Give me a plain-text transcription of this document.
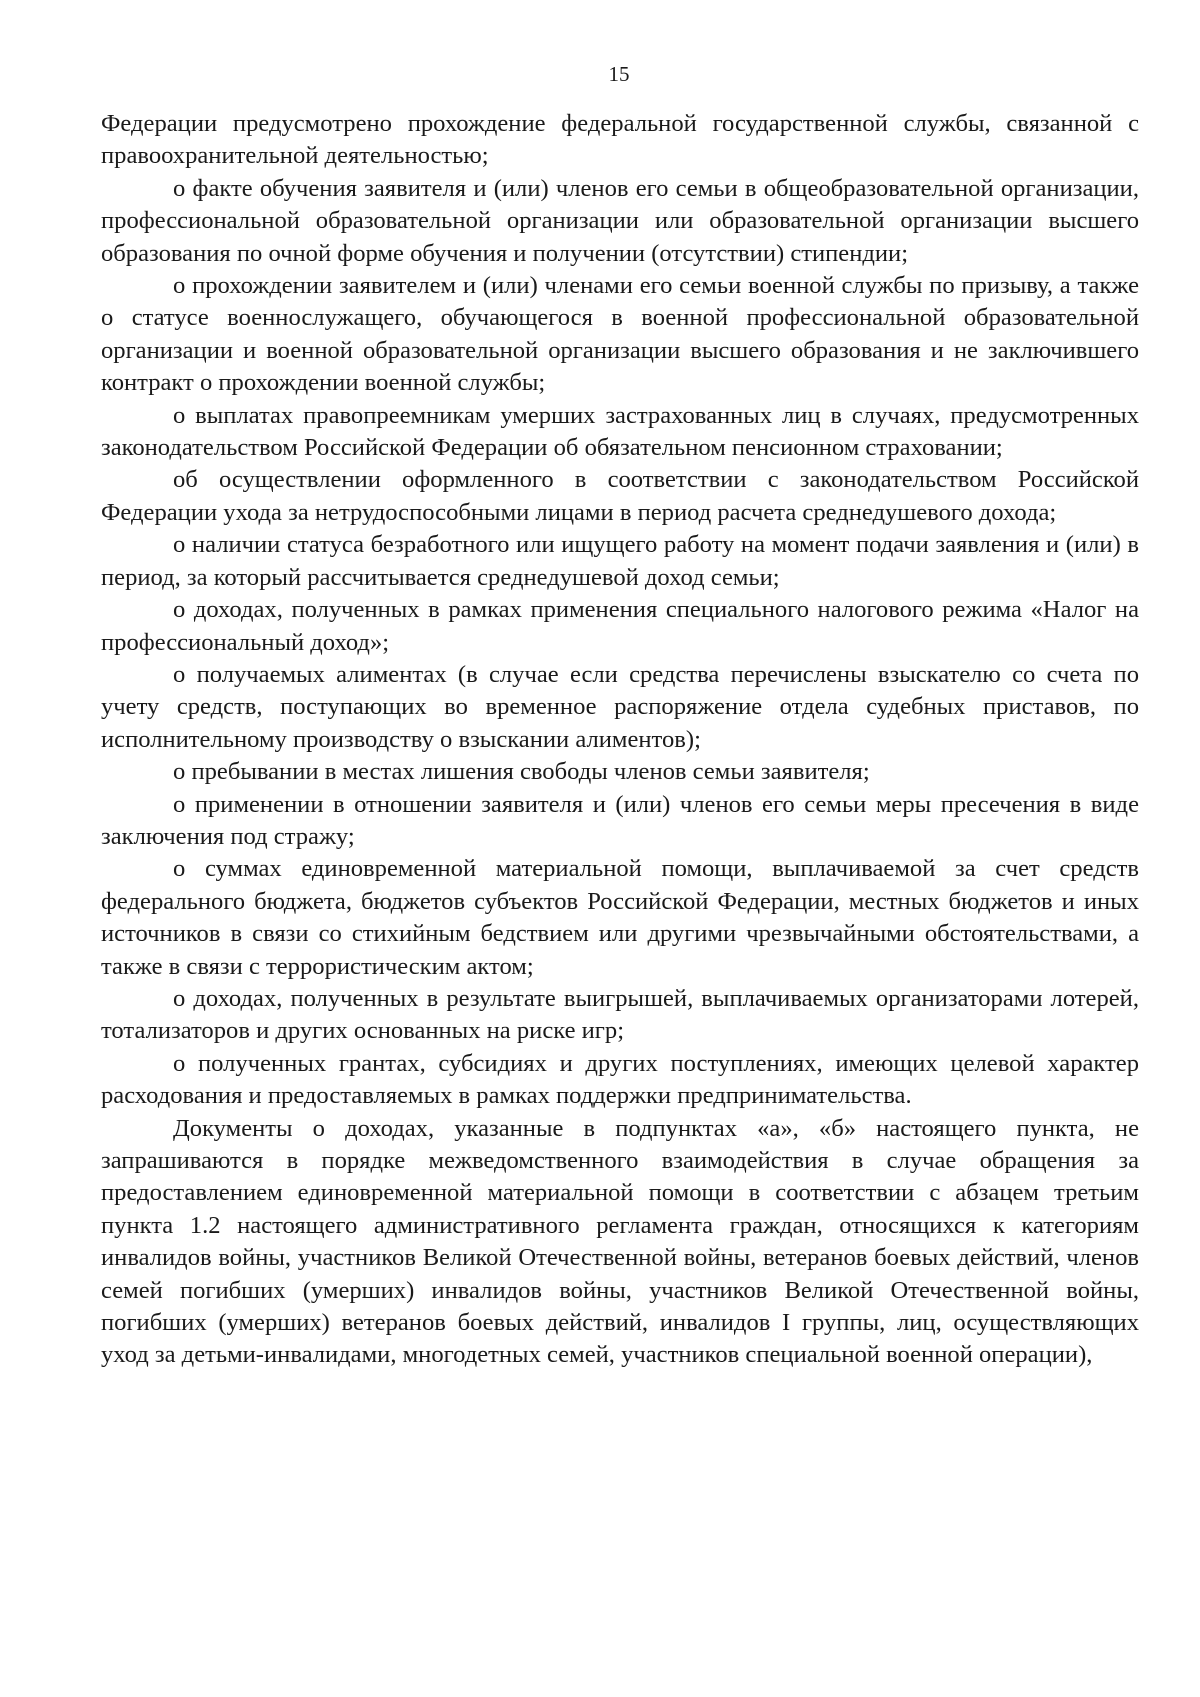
15

Федерации предусмотрено прохождение федеральной государственной службы, связанной с правоохранительной деятельностью;

о факте обучения заявителя и (или) членов его семьи в общеобразовательной организации, профессиональной образовательной организации или образовательной организации высшего образования по очной форме обучения и получении (отсутствии) стипендии;

о прохождении заявителем и (или) членами его семьи военной службы по призыву, а также о статусе военнослужащего, обучающегося в военной профессиональной образовательной организации и военной образовательной организации высшего образования и не заключившего контракт о прохождении военной службы;

о выплатах правопреемникам умерших застрахованных лиц в случаях, предусмотренных законодательством Российской Федерации об обязательном пенсионном страховании;

об осуществлении оформленного в соответствии с законодательством Российской Федерации ухода за нетрудоспособными лицами в период расчета среднедушевого дохода;

о наличии статуса безработного или ищущего работу на момент подачи заявления и (или) в период, за который рассчитывается среднедушевой доход семьи;

о доходах, полученных в рамках применения специального налогового режима «Налог на профессиональный доход»;

о получаемых алиментах (в случае если средства перечислены взыскателю со счета по учету средств, поступающих во временное распоряжение отдела судебных приставов, по исполнительному производству о взыскании алиментов);

о пребывании в местах лишения свободы членов семьи заявителя;

о применении в отношении заявителя и (или) членов его семьи меры пресечения в виде заключения под стражу;

о суммах единовременной материальной помощи, выплачиваемой за счет средств федерального бюджета, бюджетов субъектов Российской Федерации, местных бюджетов и иных источников в связи со стихийным бедствием или другими чрезвычайными обстоятельствами, а также в связи с террористическим актом;

о доходах, полученных в результате выигрышей, выплачиваемых организаторами лотерей, тотализаторов и других основанных на риске игр;

о полученных грантах, субсидиях и других поступлениях, имеющих целевой характер расходования и предоставляемых в рамках поддержки предпринимательства.

Документы о доходах, указанные в подпунктах «а», «б» настоящего пункта, не запрашиваются в порядке межведомственного взаимодействия в случае обращения за предоставлением единовременной материальной помощи в соответствии с абзацем третьим пункта 1.2 настоящего административного регламента граждан, относящихся к категориям инвалидов войны, участников Великой Отечественной войны, ветеранов боевых действий, членов семей погибших (умерших) инвалидов войны, участников Великой Отечественной войны, погибших (умерших) ветеранов боевых действий, инвалидов I группы, лиц, осуществляющих уход за детьми-инвалидами, многодетных семей, участников специальной военной операции),
